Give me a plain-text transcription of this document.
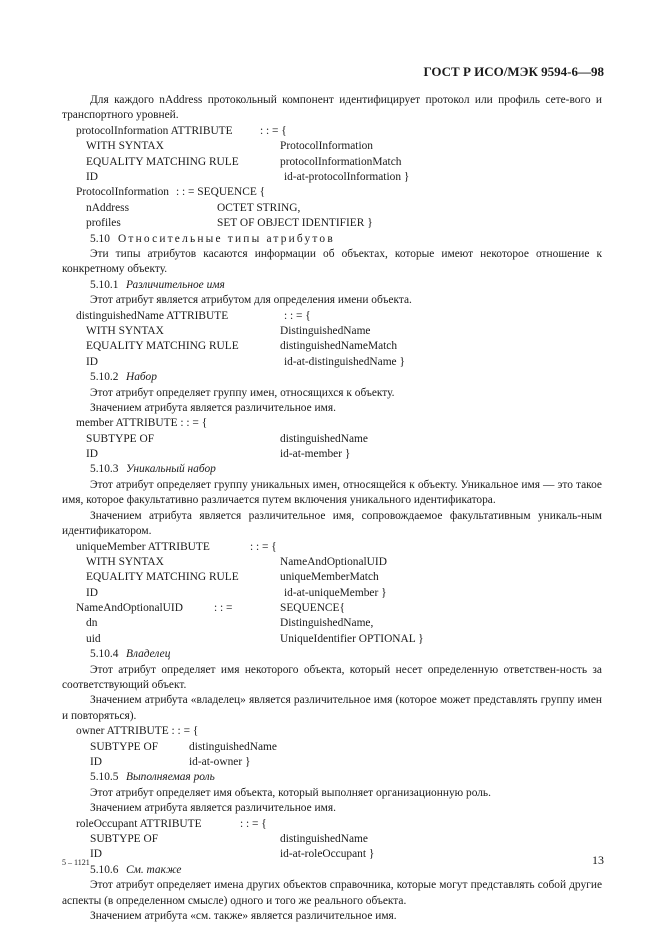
ГОСТ Р ИСО/МЭК 9594-6—98

Для каждого nAddress протокольный компонент идентифицирует протокол или профиль сете-вого и транспортного уровней.

protocolInformation ATTRIBUTE : : = {
WITH SYNTAX	ProtocolInformation
EQUALITY MATCHING RULE	protocolInformationMatch
ID	id-at-protocolInformation }
ProtocolInformation : : = SEQUENCE {
nAddress	OCTET STRING,
profiles	SET OF OBJECT IDENTIFIER }
5.10 Относительные типы атрибутов

Эти типы атрибутов касаются информации об объектах, которые имеют некоторое отношение к конкретному объекту.

5.10.1 Различительное имя

Этот атрибут является атрибутом для определения имени объекта.

distinguishedName ATTRIBUTE	: : = {
WITH SYNTAX	DistinguishedName
EQUALITY MATCHING RULE	distinguishedNameMatch
ID	id-at-distinguishedName }
5.10.2 Набор

Этот атрибут определяет группу имен, относящихся к объекту.

Значением атрибута является различительное имя.

member ATTRIBUTE : : = {
SUBTYPE OF	distinguishedName
ID	id-at-member }
5.10.3 Уникальный набор

Этот атрибут определяет группу уникальных имен, относящейся к объекту. Уникальное имя — это такое имя, которое факультативно различается путем включения уникального идентификатора.

Значением атрибута является различительное имя, сопровождаемое факультативным уникаль-ным идентификатором.

uniqueMember ATTRIBUTE	: : = {
WITH SYNTAX	NameAndOptionalUID
EQUALITY MATCHING RULE	uniqueMemberMatch
ID	id-at-uniqueMember }
NameAndOptionalUID	: : =	SEQUENCE{
dn	DistinguishedName,
uid	UniqueIdentifier OPTIONAL }
5.10.4 Владелец

Этот атрибут определяет имя некоторого объекта, который несет определенную ответствен-ность за соответствующий объект.

Значением атрибута «владелец» является различительное имя (которое может представлять группу имен и повторяться).

owner ATTRIBUTE : : = {
SUBTYPE OF	distinguishedName
ID	id-at-owner }
5.10.5 Выполняемая роль

Этот атрибут определяет имя объекта, который выполняет организационную роль.

Значением атрибута является различительное имя.

roleOccupant ATTRIBUTE	: : = {
SUBTYPE OF	distinguishedName
ID	id-at-roleOccupant }
5.10.6 См. также

Этот атрибут определяет имена других объектов справочника, которые могут представлять собой другие аспекты (в определенном смысле) одного и того же реального объекта.

Значением атрибута «см. также» является различительное имя.

5 – 1121	13
